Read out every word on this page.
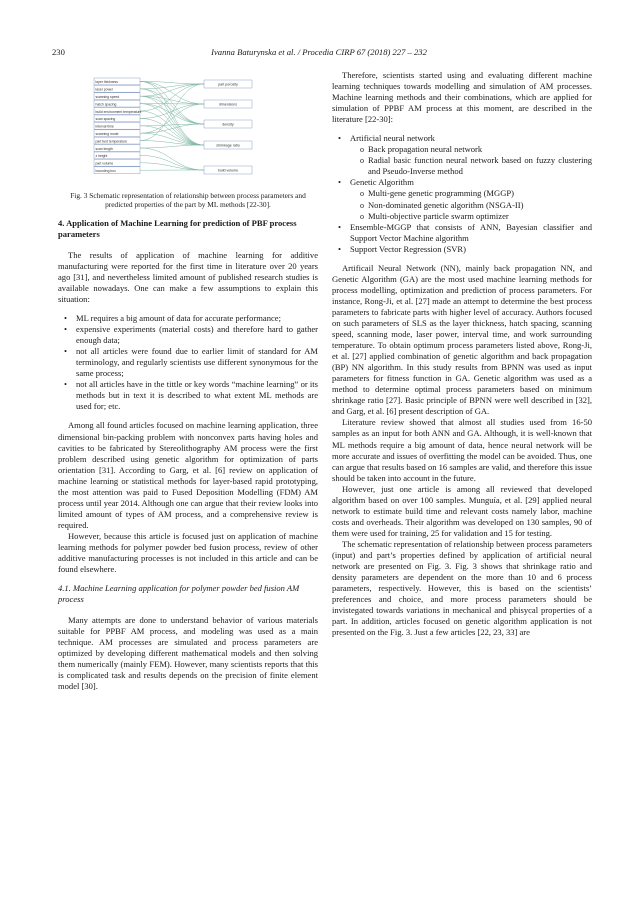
230	Ivanna Baturynska et al. / Procedia CIRP 67 (2018) 227 – 232
layer thickness
laser power
scanning speed
hatch spacing
build environment temperature
scan spacing
interval time
scanning mode
part bed temperature
scan length
z height
part volume
bounding box
part porosity
dimensions
density
shrinkage ratio
build volume
Fig. 3 Schematic representation of relationship between process parameters and predicted properties of the part by ML methods [22-30].
4. Application of Machine Learning for prediction of PBF process parameters

The results of application of machine learning for additive manufacturing were reported for the first time in literature over 20 years ago [31], and nevertheless limited amount of published research studies is available nowadays. One can make a few assumptions to explain this situation:

• ML requires a big amount of data for accurate performance;
• expensive experiments (material costs) and therefore hard to gather enough data;
• not all articles were found due to earlier limit of standard for AM terminology, and regularly scientists use different synonymous for the same process;
• not all articles have in the tittle or key words “machine learning” or its methods but in text it is described to what extent ML methods are used for; etc.

Among all found articles focused on machine learning application, three dimensional bin-packing problem with nonconvex parts having holes and cavities to be fabricated by Stereolithography AM process were the first problem described using genetic algorithm for optimization of parts orientation [31]. According to Garg, et al. [6] review on application of machine learning or statistical methods for layer-based rapid prototyping, the most attention was paid to Fused Deposition Modelling (FDM) AM process until year 2014. Although one can argue that their review looks into limited amount of types of AM process, and a comprehensive review is required.

However, because this article is focused just on application of machine learning methods for polymer powder bed fusion process, review of other additive manufacturing processes is not included in this article and can be found elsewhere.

4.1. Machine Learning application for polymer powder bed fusion AM process

Many attempts are done to understand behavior of various materials suitable for PPBF AM process, and modeling was used as a main technique. AM processes are simulated and process parameters are optimized by developing different mathematical models and then solving them numerically (mainly FEM). However, many scientists reports that this is complicated task and results depends on the precision of finite element model [30].

Therefore, scientists started using and evaluating different machine learning techniques towards modelling and simulation of AM processes. Machine learning methods and their combinations, which are applied for simulation of PPBF AM process at this moment, are described in the literature [22-30]:

• Artificial neural network
o Back propagation neural network
o Radial basic function neural network based on fuzzy clustering and Pseudo-Inverse method
• Genetic Algorithm
o Multi-gene genetic programming (MGGP)
o Non-dominated genetic algorithm (NSGA-II)
o Multi-objective particle swarm optimizer
• Ensemble-MGGP that consists of ANN, Bayesian classifier and Support Vector Machine algorithm
• Support Vector Regression (SVR)

Artificail Neural Network (NN), mainly back propagation NN, and Genetic Algorithm (GA) are the most used machine learning methods for process modelling, optimization and prediction of process parameters. For instance, Rong-Ji, et al. [27] made an attempt to determine the best process parameters to fabricate parts with higher level of accuracy. Authors focused on such parameters of SLS as the layer thickness, hatch spacing, scanning speed, scanning mode, laser power, interval time, and work surrounding temperature. To obtain optimum process parameters listed above, Rong-Ji, et al. [27] applied combination of genetic algorithm and back propagation (BP) NN algorithm. In this study results from BPNN was used as input parameters for fitness function in GA. Genetic algorithm was used as a method to determine optimal process parameters based on minimum shrinkage ratio [27]. Basic principle of BPNN were well described in [32], and Garg, et al. [6] present description of GA.

Literature review showed that almost all studies used from 16-50 samples as an input for both ANN and GA. Although, it is well-known that ML methods require a big amount of data, hence neural network will be more accurate and issues of overfitting the model can be avoided. Thus, one can argue that results based on 16 samples are valid, and therefore this issue should be taken into account in the future.

However, just one article is among all reviewed that developed algorithm based on over 100 samples. Munguía, et al. [29] applied neural network to estimate build time and relevant costs namely labor, machine costs and overheads. Their algorithm was developed on 130 samples, 90 of them were used for training, 25 for validation and 15 for testing.

The schematic representation of relationship between process parameters (input) and part’s properties defined by application of artificial neural network are presented on Fig. 3. Fig. 3 shows that shrinkage ratio and density parameters are dependent on the more than 10 and 6 process parameters, respectively. However, this is based on the scientists’ preferences and choice, and more process parameters should be invistegated towards variations in mechanical and phisycal properties of a part. In addition, articles focused on genetic algorithm application is not presented on the Fig. 3. Just a few articles [22, 23, 33] are
